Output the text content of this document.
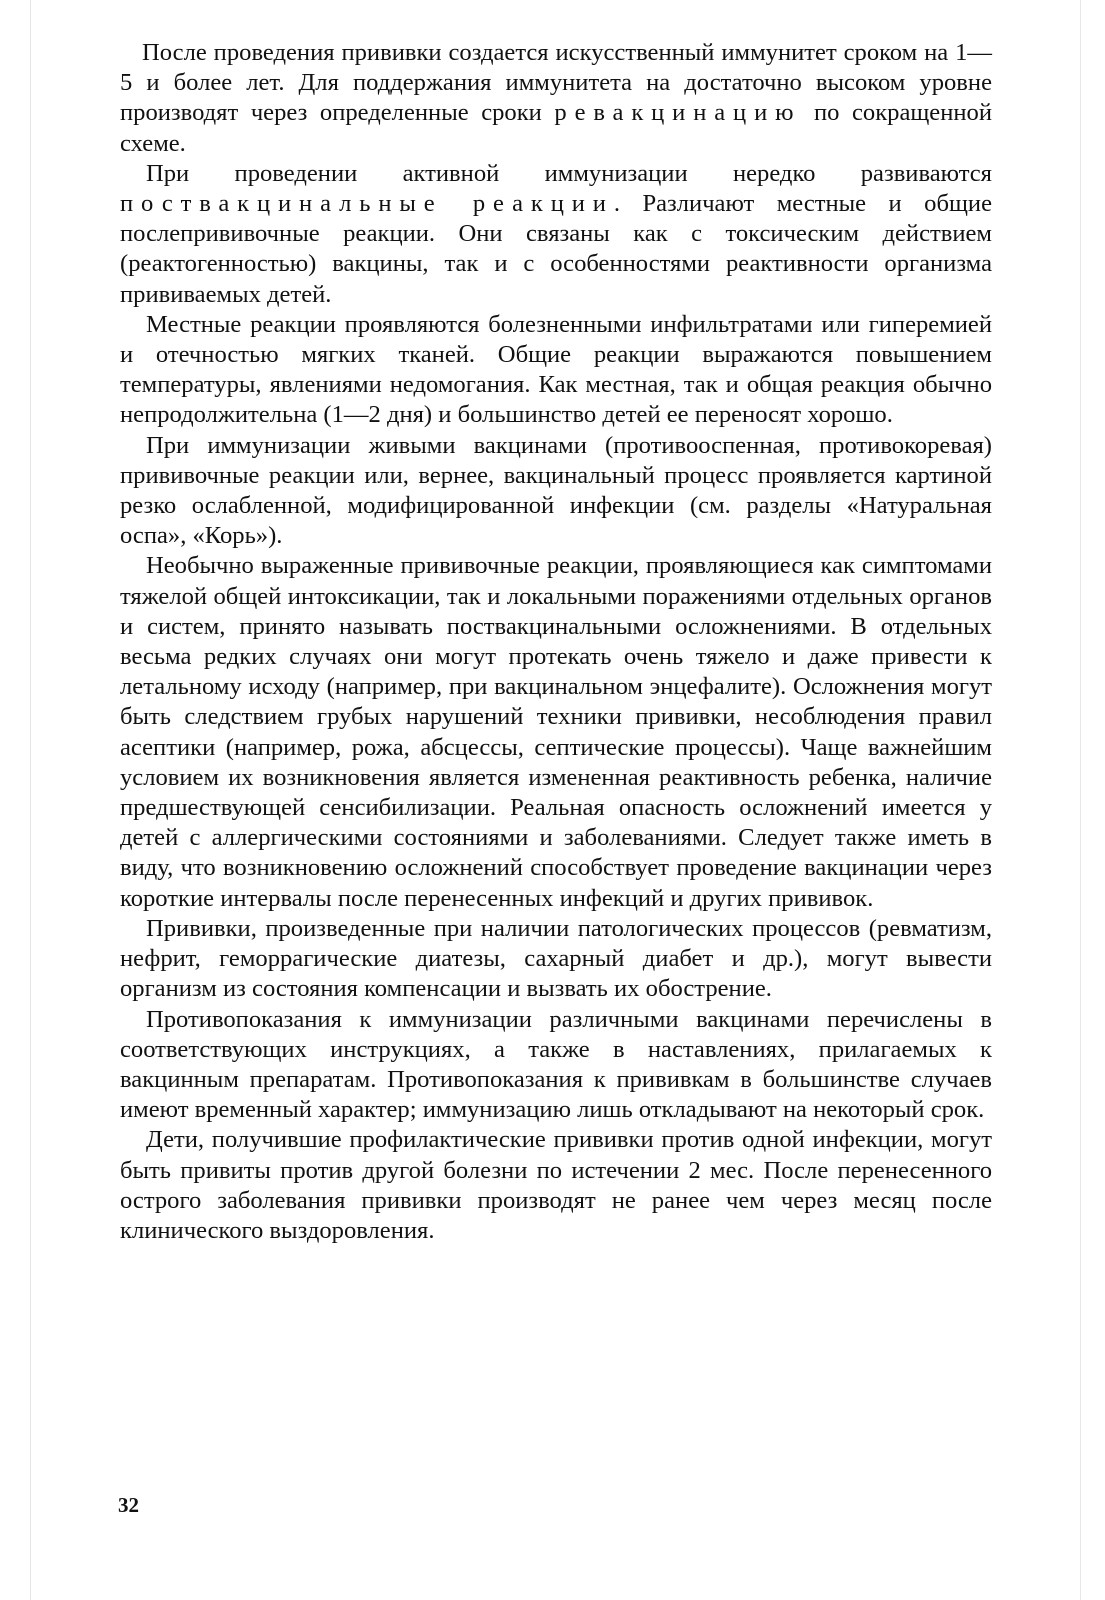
После проведения прививки создается искусственный иммунитет сроком на 1—5 и более лет. Для поддержания иммунитета на достаточно высоком уровне производят через определенные сроки ревакцинацию по сокращенной схеме.

При проведении активной иммунизации нередко развиваются поствакцинальные реакции. Различают местные и общие послепрививочные реакции. Они связаны как с токсическим действием (реактогенностью) вакцины, так и с особенностями реактивности организма прививаемых детей.

Местные реакции проявляются болезненными инфильтратами или гиперемией и отечностью мягких тканей. Общие реакции выражаются повышением температуры, явлениями недомогания. Как местная, так и общая реакция обычно непродолжительна (1—2 дня) и большинство детей ее переносят хорошо.

При иммунизации живыми вакцинами (противооспенная, противокоревая) прививочные реакции или, вернее, вакцинальный процесс проявляется картиной резко ослабленной, модифицированной инфекции (см. разделы «Натуральная оспа», «Корь»).

Необычно выраженные прививочные реакции, проявляющиеся как симптомами тяжелой общей интоксикации, так и локальными поражениями отдельных органов и систем, принято называть поствакцинальными осложнениями. В отдельных весьма редких случаях они могут протекать очень тяжело и даже привести к летальному исходу (например, при вакцинальном энцефалите). Осложнения могут быть следствием грубых нарушений техники прививки, несоблюдения правил асептики (например, рожа, абсцессы, септические процессы). Чаще важнейшим условием их возникновения является измененная реактивность ребенка, наличие предшествующей сенсибилизации. Реальная опасность осложнений имеется у детей с аллергическими состояниями и заболеваниями. Следует также иметь в виду, что возникновению осложнений способствует проведение вакцинации через короткие интервалы после перенесенных инфекций и других прививок.

Прививки, произведенные при наличии патологических процессов (ревматизм, нефрит, геморрагические диатезы, сахарный диабет и др.), могут вывести организм из состояния компенсации и вызвать их обострение.

Противопоказания к иммунизации различными вакцинами перечислены в соответствующих инструкциях, а также в наставлениях, прилагаемых к вакцинным препаратам. Противопоказания к прививкам в большинстве случаев имеют временный характер; иммунизацию лишь откладывают на некоторый срок.

Дети, получившие профилактические прививки против одной инфекции, могут быть привиты против другой болезни по истечении 2 мес. После перенесенного острого заболевания прививки производят не ранее чем через месяц после клинического выздоровления.

32
